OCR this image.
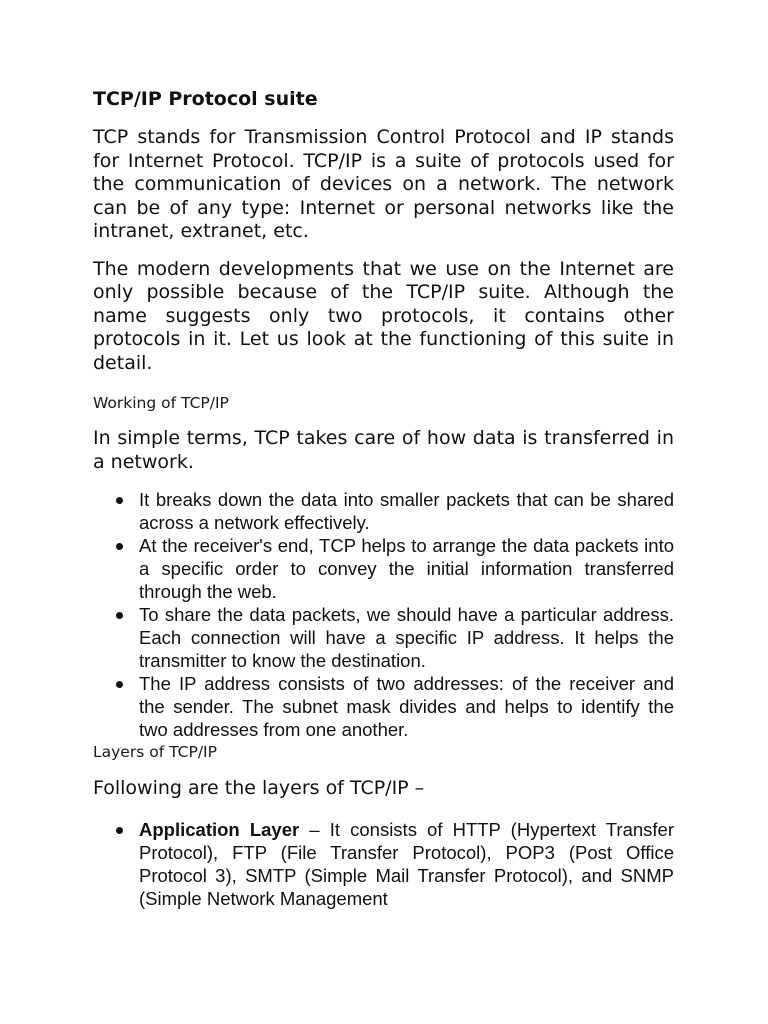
TCP/IP Protocol suite

TCP stands for Transmission Control Protocol and IP stands for Internet Protocol. TCP/IP is a suite of protocols used for the communication of devices on a network. The network can be of any type: Internet or personal networks like the intranet, extranet, etc.

The modern developments that we use on the Internet are only possible because of the TCP/IP suite. Although the name suggests only two protocols, it contains other protocols in it. Let us look at the functioning of this suite in detail.

Working of TCP/IP

In simple terms, TCP takes care of how data is transferred in a network.

It breaks down the data into smaller packets that can be shared across a network effectively.
At the receiver's end, TCP helps to arrange the data packets into a specific order to convey the initial information transferred through the web.
To share the data packets, we should have a particular address. Each connection will have a specific IP address. It helps the transmitter to know the destination.
The IP address consists of two addresses: of the receiver and the sender. The subnet mask divides and helps to identify the two addresses from one another.
Layers of TCP/IP

Following are the layers of TCP/IP –

Application Layer – It consists of HTTP (Hypertext Transfer Protocol), FTP (File Transfer Protocol), POP3 (Post Office Protocol 3), SMTP (Simple Mail Transfer Protocol), and SNMP (Simple Network Management
